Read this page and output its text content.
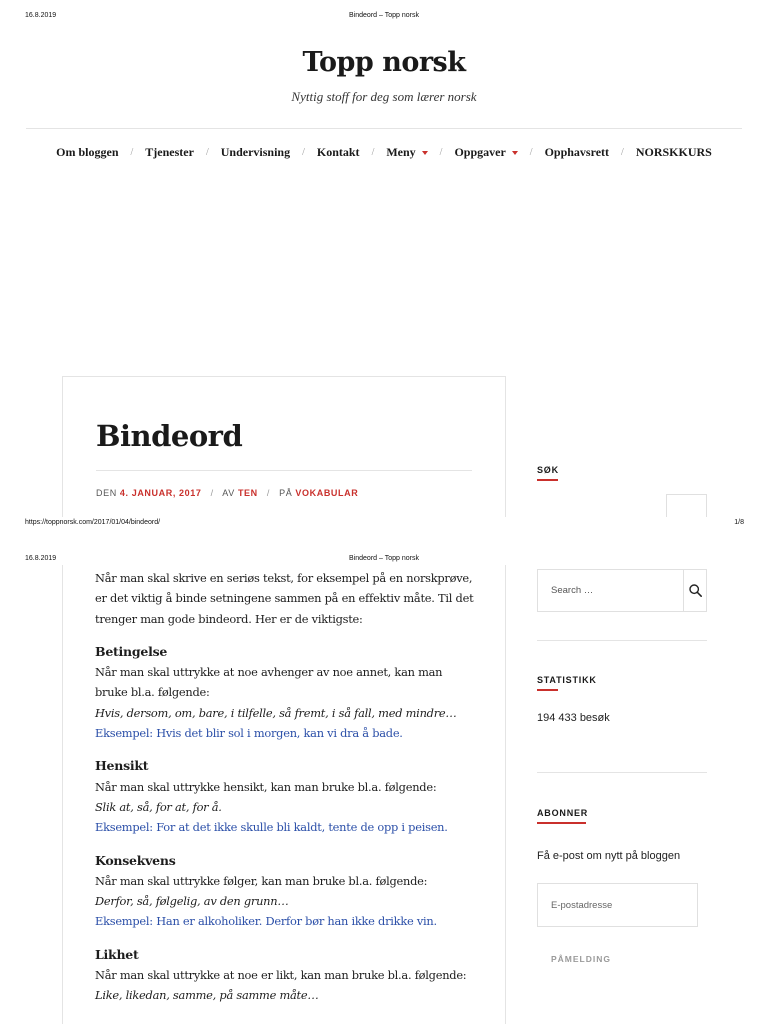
16.8.2019	Bindeord – Topp norsk
Topp norsk
Nyttig stoff for deg som lærer norsk
Om bloggen / Tjenester / Undervisning / Kontakt / Meny / Oppgaver / Opphavsrett / NORSKKURS
Bindeord
DEN 4. JANUAR, 2017 / AV TEN / PÅ VOKABULAR
SØK
https://toppnorsk.com/2017/01/04/bindeord/	1/8
16.8.2019	Bindeord – Topp norsk

Når man skal skrive en seriøs tekst, for eksempel på en norskprøve, er det viktig å binde setningene sammen på en effektiv måte. Til det trenger man gode bindeord. Her er de viktigste:

Betingelse
Når man skal uttrykke at noe avhenger av noe annet, kan man bruke bl.a. følgende:
Hvis, dersom, om, bare, i tilfelle, så fremt, i så fall, med mindre…
Eksempel: Hvis det blir sol i morgen, kan vi dra å bade.

Hensikt
Når man skal uttrykke hensikt, kan man bruke bl.a. følgende:
Slik at, så, for at, for å.
Eksempel: For at det ikke skulle bli kaldt, tente de opp i peisen.

Konsekvens
Når man skal uttrykke følger, kan man bruke bl.a. følgende:
Derfor, så, følgelig, av den grunn…
Eksempel: Han er alkoholiker. Derfor bør han ikke drikke vin.

Likhet
Når man skal uttrykke at noe er likt, kan man bruke bl.a. følgende:
Like, likedan, samme, på samme måte…

Search …
STATISTIKK
194 433 besøk
ABONNER
Få e-post om nytt på bloggen
E-postadresse
PÅMELDING
